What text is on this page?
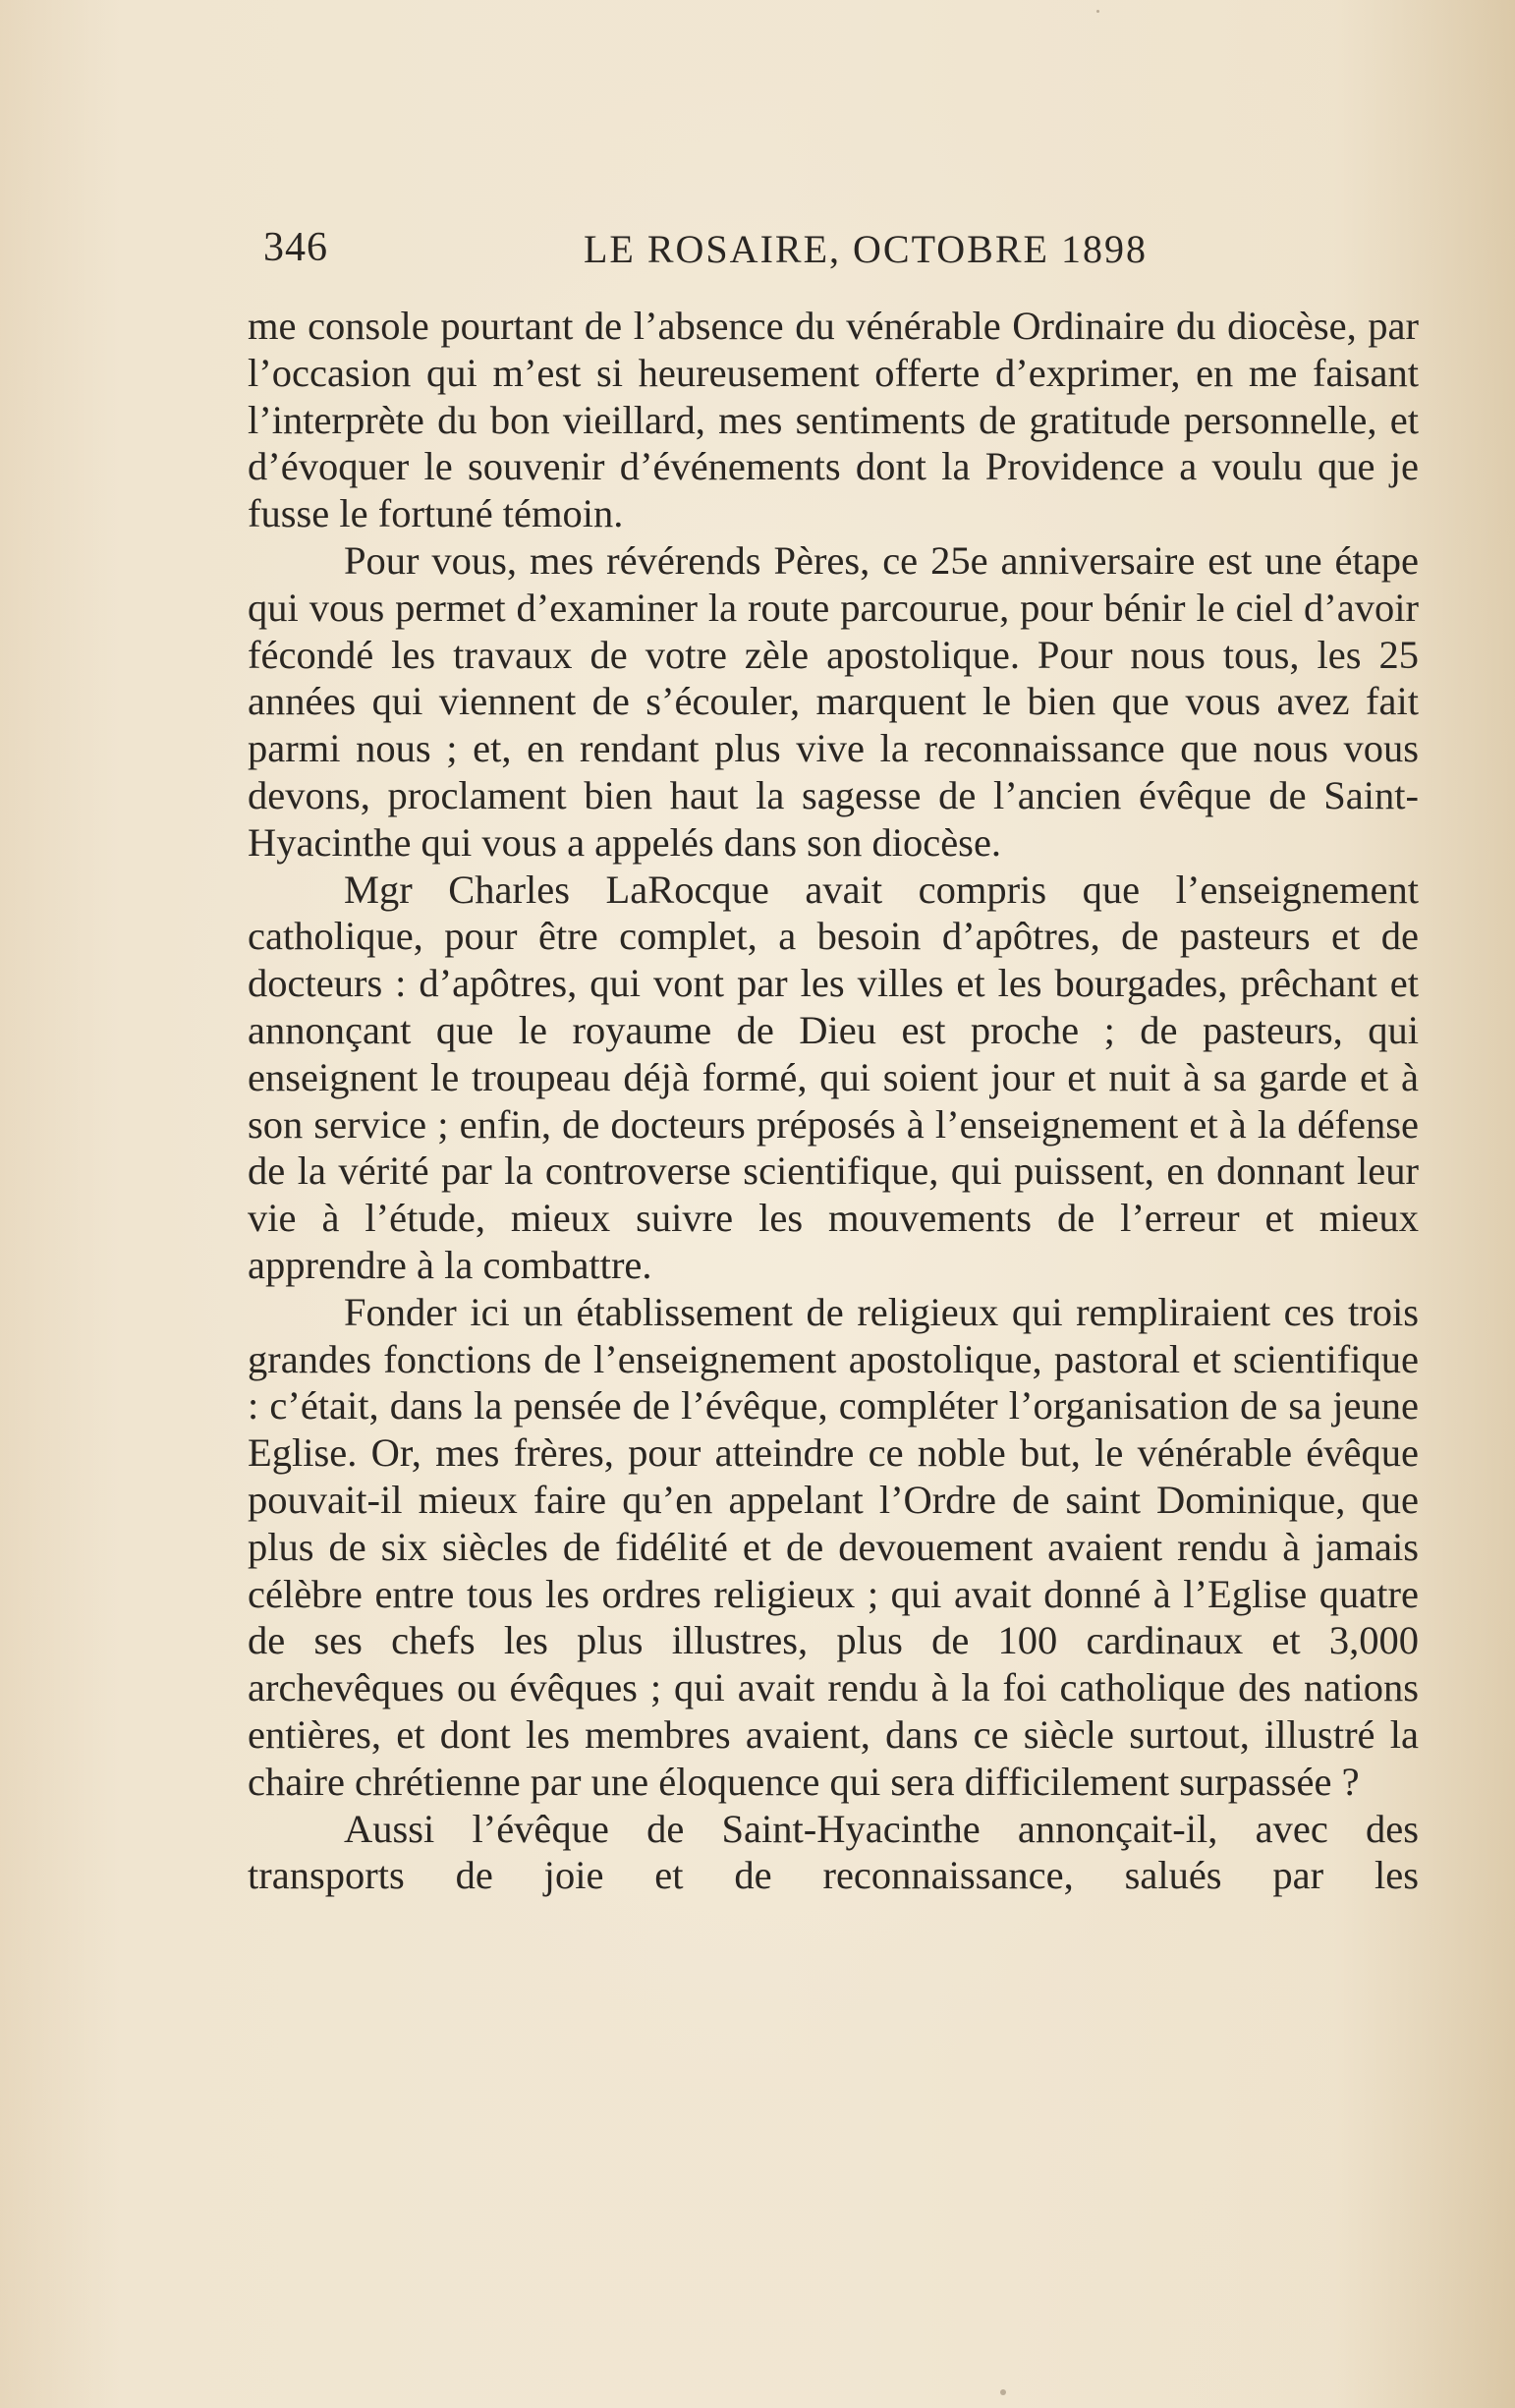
346	LE ROSAIRE, OCTOBRE 1898

me console pourtant de l’absence du vénérable Ordinaire du diocèse, par l’occasion qui m’est si heureusement offerte d’exprimer, en me faisant l’interprète du bon vieillard, mes sentiments de gratitude personnelle, et d’évoquer le souvenir d’événements dont la Providence a voulu que je fusse le fortuné témoin.

Pour vous, mes révérends Pères, ce 25e anniversaire est une étape qui vous permet d’examiner la route parcourue, pour bénir le ciel d’avoir fécondé les travaux de votre zèle apostolique. Pour nous tous, les 25 années qui viennent de s’écouler, marquent le bien que vous avez fait parmi nous ; et, en rendant plus vive la reconnaissance que nous vous devons, proclament bien haut la sagesse de l’ancien évêque de Saint-Hyacinthe qui vous a appelés dans son diocèse.

Mgr Charles LaRocque avait compris que l’enseignement catholique, pour être complet, a besoin d’apôtres, de pasteurs et de docteurs : d’apôtres, qui vont par les villes et les bourgades, prêchant et annonçant que le royaume de Dieu est proche ; de pasteurs, qui enseignent le troupeau déjà formé, qui soient jour et nuit à sa garde et à son service ; enfin, de docteurs préposés à l’enseignement et à la défense de la vérité par la controverse scientifique, qui puissent, en donnant leur vie à l’étude, mieux suivre les mouvements de l’erreur et mieux apprendre à la combattre.

Fonder ici un établissement de religieux qui rempliraient ces trois grandes fonctions de l’enseignement apostolique, pastoral et scientifique : c’était, dans la pensée de l’évêque, compléter l’organisation de sa jeune Eglise. Or, mes frères, pour atteindre ce noble but, le vénérable évêque pouvait-il mieux faire qu’en appelant l’Ordre de saint Dominique, que plus de six siècles de fidélité et de devouement avaient rendu à jamais célèbre entre tous les ordres religieux ; qui avait donné à l’Eglise quatre de ses chefs les plus illustres, plus de 100 cardinaux et 3,000 archevêques ou évêques ; qui avait rendu à la foi catholique des nations entières, et dont les membres avaient, dans ce siècle surtout, illustré la chaire chrétienne par une éloquence qui sera difficilement surpassée ?

Aussi l’évêque de Saint-Hyacinthe annonçait-il, avec des transports de joie et de reconnaissance, salués par les
